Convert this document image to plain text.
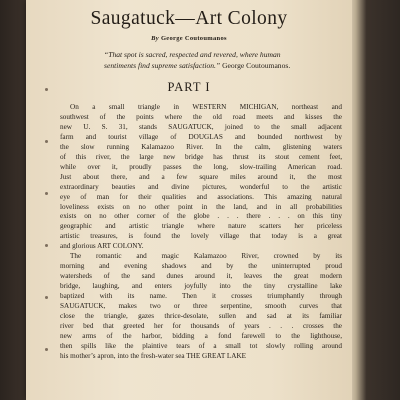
Saugatuck—Art Colony
By George Coutoumanos
“That spot is sacred, respected and revered, where human
sentiments find supreme satisfaction.” George Coutoumanos.
PART I
On a small triangle in WESTERN MICHIGAN, northeast and
southwest of the points where the old road meets and kisses the
new U. S. 31, stands SAUGATUCK, joined to the small adjacent
farm and tourist village of DOUGLAS and bounded northwest by
the slow running Kalamazoo River. In the calm, glistening waters
of this river, the large new bridge has thrust its stout cement feet,
while over it, proudly passes the long, slow-trailing American road.
Just about there, and a few square miles around it, the most
extraordinary beauties and divine pictures, wonderful to the artistic
eye of man for their qualities and associations. This amazing natural
loveliness exists on no other point in the land, and in all probabilities
exists on no other corner of the globe . . . there . . . on this tiny
geographic and artistic triangle where nature scatters her priceless
artistic treasures, is found the lovely village that today is a great
and glorious ART COLONY.
The romantic and magic Kalamazoo River, crowned by its
morning and evening shadows and by the uninterrupted proud
watersheds of the sand dunes around it, leaves the great modern
bridge, laughing, and enters joyfully into the tiny crystalline lake
baptized with its name. Then it crosses triumphantly through
SAUGATUCK, makes two or three serpentine, smooth curves that
close the triangle, gazes thrice-desolate, sullen and sad at its familiar
river bed that greeted her for thousands of years . . . crosses the
new arms of the harbor, bidding a fond farewell to the lighthouse,
then spills like the plaintive tears of a small tot slowly rolling around
his mother’s apron, into the fresh-water sea THE GREAT LAKE
